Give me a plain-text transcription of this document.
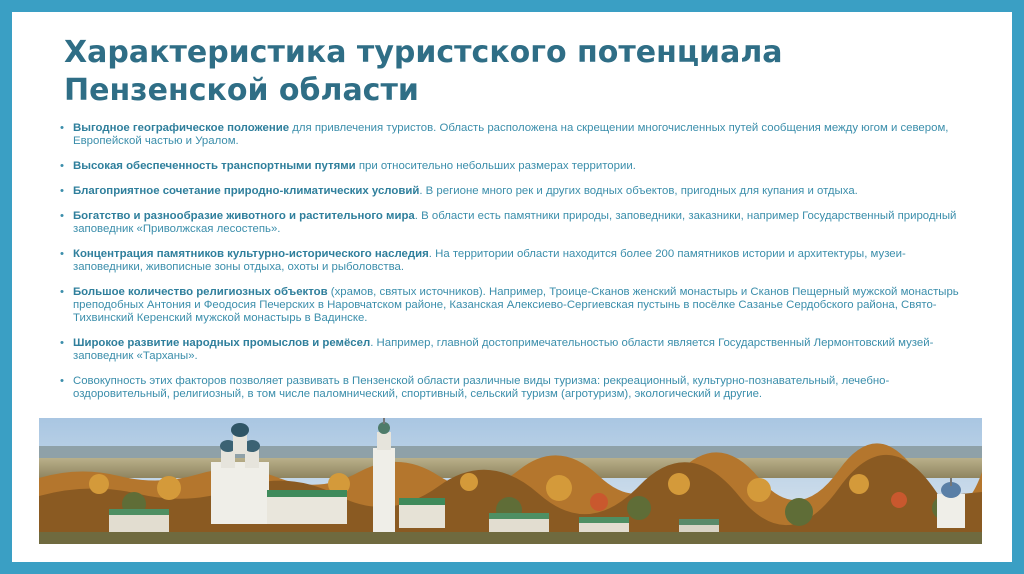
Характеристика туристского потенциала
Пензенской области
• Выгодное географическое положение для привлечения туристов. Область расположена на скрещении многочисленных путей сообщения между югом и севером, Европейской частью и Уралом.
• Высокая обеспеченность транспортными путями при относительно небольших размерах территории.
• Благоприятное сочетание природно-климатических условий. В регионе много рек и других водных объектов, пригодных для купания и отдыха.
• Богатство и разнообразие животного и растительного мира. В области есть памятники природы, заповедники, заказники, например Государственный природный заповедник «Приволжская лесостепь».
• Концентрация памятников культурно-исторического наследия. На территории области находится более 200 памятников истории и архитектуры, музеи-заповедники, живописные зоны отдыха, охоты и рыболовства.
• Большое количество религиозных объектов (храмов, святых источников). Например, Троице-Сканов женский монастырь и Сканов Пещерный мужской монастырь преподобных Антония и Феодосия Печерских в Наровчатском районе, Казанская Алексиево-Сергиевская пустынь в посёлке Сазанье Сердобского района, Свято-Тихвинский Керенский мужской монастырь в Вадинске.
• Широкое развитие народных промыслов и ремёсел. Например, главной достопримечательностью области является Государственный Лермонтовский музей-заповедник «Тарханы».
• Совокупность этих факторов позволяет развивать в Пензенской области различные виды туризма: рекреационный, культурно-познавательный, лечебно-оздоровительный, религиозный, в том числе паломнический, спортивный, сельский туризм (агротуризм), экологический и другие.
